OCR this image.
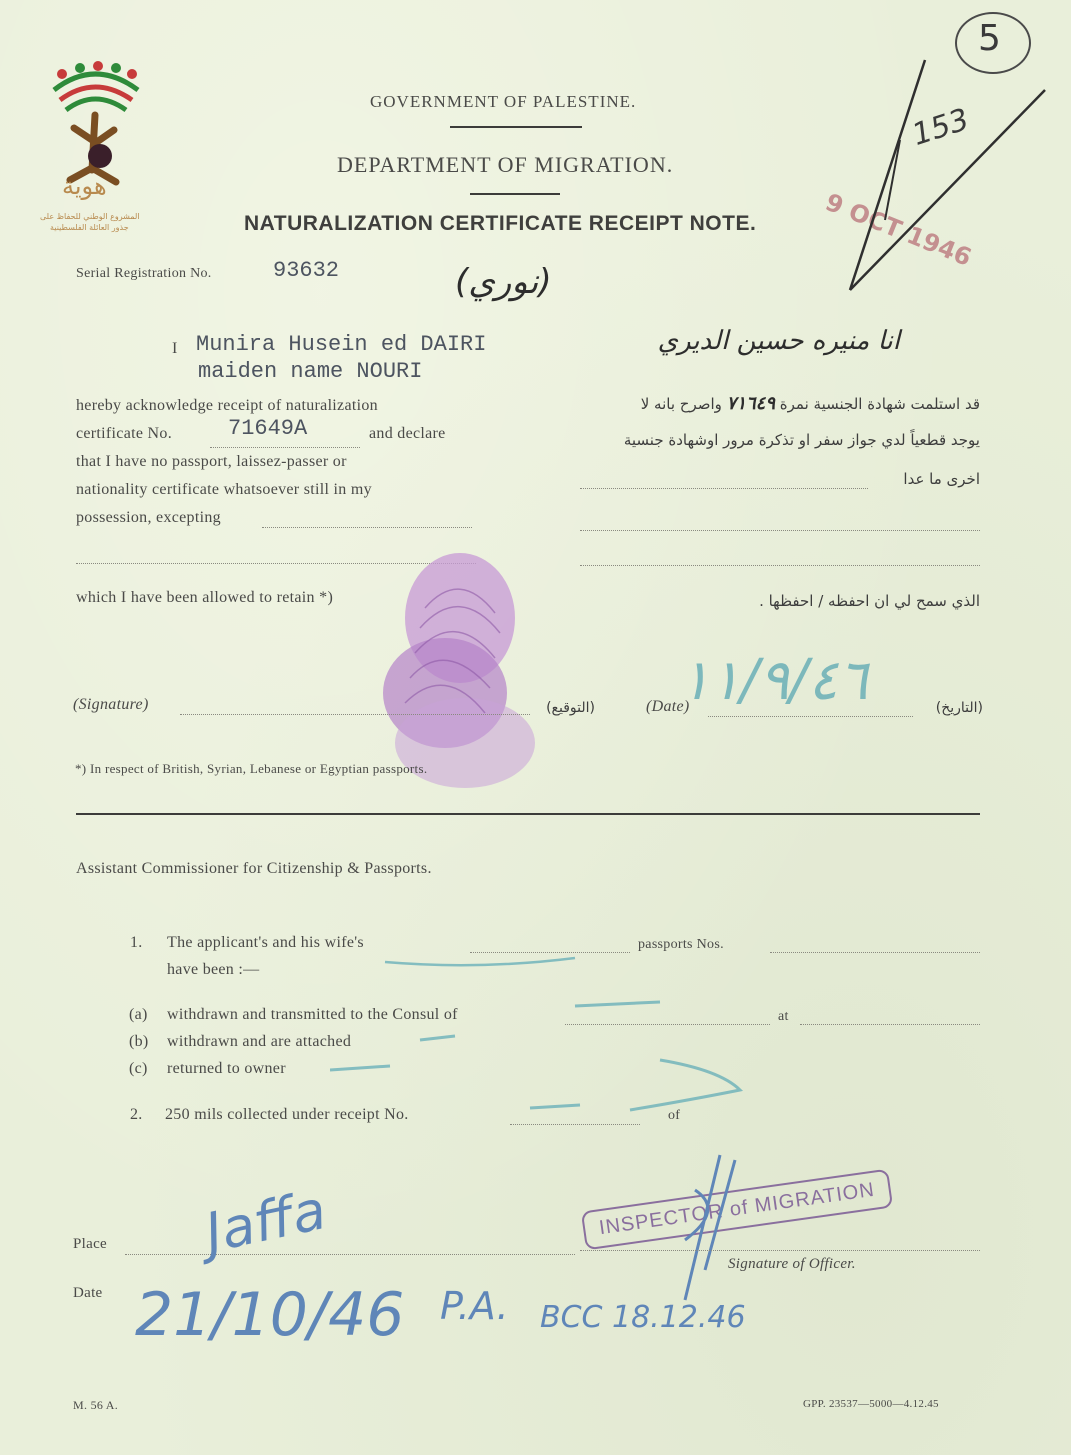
هوية
المشروع الوطني للحفاظ على
جذور العائلة الفلسطينية
GOVERNMENT OF PALESTINE.
DEPARTMENT OF MIGRATION.
NATURALIZATION CERTIFICATE RECEIPT NOTE.
5
153
9 OCT 1946
Serial Registration No.	93632	(نوري)
انا منيره حسين الديري
I Munira Husein ed DAIRI
maiden name NOURI
hereby acknowledge receipt of naturalization
certificate No.	71649A	and declare
that I have no passport, laissez-passer or
nationality certificate whatsoever still in my
possession, excepting
which I have been allowed to retain *)
قد استلمت شهادة الجنسية نمرة ٧١٦٤٩ واصرح بانه لا
يوجد قطعياً لدي جواز سفر او تذكرة مرور اوشهادة جنسية
اخرى ما عدا
الذي سمح لي ان احفظه / احفظها .
(Signature)	(التوقيع)	(Date)	(التاريخ)
١١/٩/٤٦
*) In respect of British, Syrian, Lebanese or Egyptian passports.
Assistant Commissioner for Citizenship & Passports.
1. The applicant's and his wife's	passports Nos.
have been :—
(a) withdrawn and transmitted to the Consul of	at
(b) withdrawn and are attached
(c) returned to owner
2. 250 mils collected under receipt No.	of
Place Jaffa
Date 21/10/46 P.A. BCC 18.12.46
INSPECTOR of MIGRATION
Signature of Officer.
M. 56 A.	GPP. 23537—5000—4.12.45
